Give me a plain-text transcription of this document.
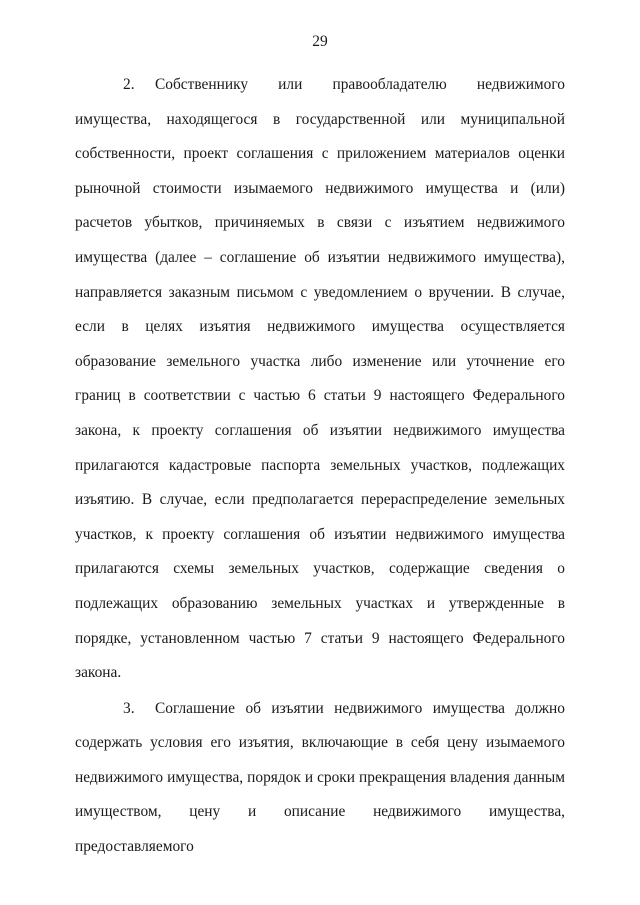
29

2. Собственнику или правообладателю недвижимого имущества, находящегося в государственной или муниципальной собственности, проект соглашения с приложением материалов оценки рыночной стоимости изымаемого недвижимого имущества и (или) расчетов убытков, причиняемых в связи с изъятием недвижимого имущества (далее – соглашение об изъятии недвижимого имущества), направляется заказным письмом с уведомлением о вручении. В случае, если в целях изъятия недвижимого имущества осуществляется образование земельного участка либо изменение или уточнение его границ в соответствии с частью 6 статьи 9 настоящего Федерального закона, к проекту соглашения об изъятии недвижимого имущества прилагаются кадастровые паспорта земельных участков, подлежащих изъятию. В случае, если предполагается перераспределение земельных участков, к проекту соглашения об изъятии недвижимого имущества прилагаются схемы земельных участков, содержащие сведения о подлежащих образованию земельных участках и утвержденные в порядке, установленном частью 7 статьи 9 настоящего Федерального закона.

3. Соглашение об изъятии недвижимого имущества должно содержать условия его изъятия, включающие в себя цену изымаемого недвижимого имущества, порядок и сроки прекращения владения данным имуществом, цену и описание недвижимого имущества, предоставляемого
